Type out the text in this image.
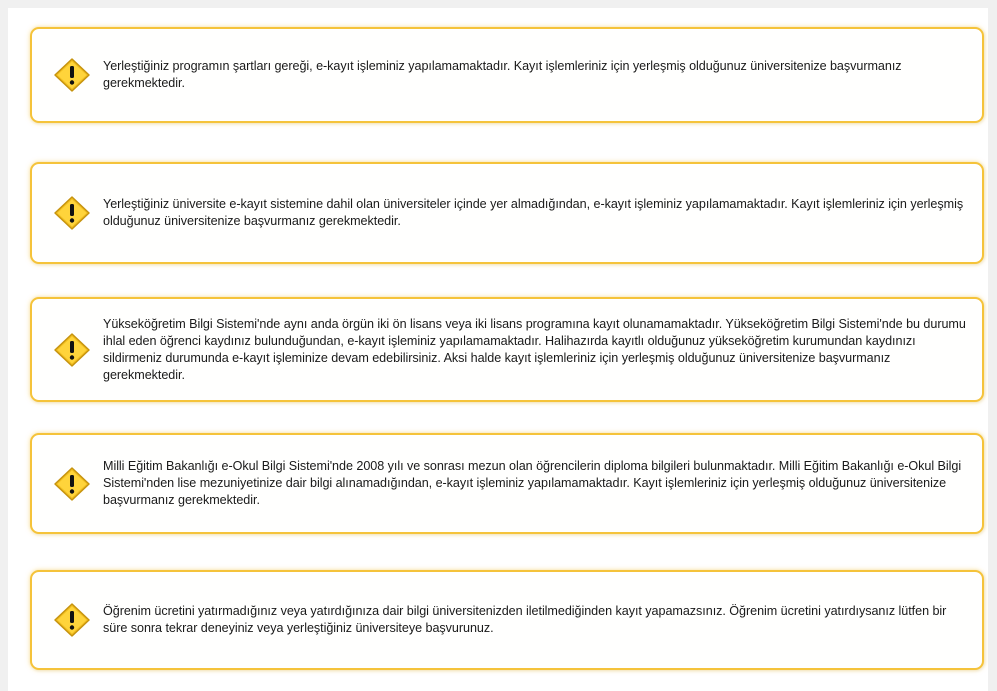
Yerleştiğiniz programın şartları gereği, e-kayıt işleminiz yapılamamaktadır. Kayıt işlemleriniz için yerleşmiş olduğunuz üniversitenize başvurmanız gerekmektedir.
Yerleştiğiniz üniversite e-kayıt sistemine dahil olan üniversiteler içinde yer almadığından, e-kayıt işleminiz yapılamamaktadır. Kayıt işlemleriniz için yerleşmiş olduğunuz üniversitenize başvurmanız gerekmektedir.
Yükseköğretim Bilgi Sistemi'nde aynı anda örgün iki ön lisans veya iki lisans programına kayıt olunamamaktadır. Yükseköğretim Bilgi Sistemi'nde bu durumu ihlal eden öğrenci kaydınız bulunduğundan, e-kayıt işleminiz yapılamamaktadır. Halihazırda kayıtlı olduğunuz yükseköğretim kurumundan kaydınızı sildirmeniz durumunda e-kayıt işleminize devam edebilirsiniz. Aksi halde kayıt işlemleriniz için yerleşmiş olduğunuz üniversitenize başvurmanız gerekmektedir.
Milli Eğitim Bakanlığı e-Okul Bilgi Sistemi'nde 2008 yılı ve sonrası mezun olan öğrencilerin diploma bilgileri bulunmaktadır. Milli Eğitim Bakanlığı e-Okul Bilgi Sistemi'nden lise mezuniyetinize dair bilgi alınamadığından, e-kayıt işleminiz yapılamamaktadır. Kayıt işlemleriniz için yerleşmiş olduğunuz üniversitenize başvurmanız gerekmektedir.
Öğrenim ücretini yatırmadığınız veya yatırdığınıza dair bilgi üniversitenizden iletilmediğinden kayıt yapamazsınız. Öğrenim ücretini yatırdıysanız lütfen bir süre sonra tekrar deneyiniz veya yerleştiğiniz üniversiteye başvurunuz.
